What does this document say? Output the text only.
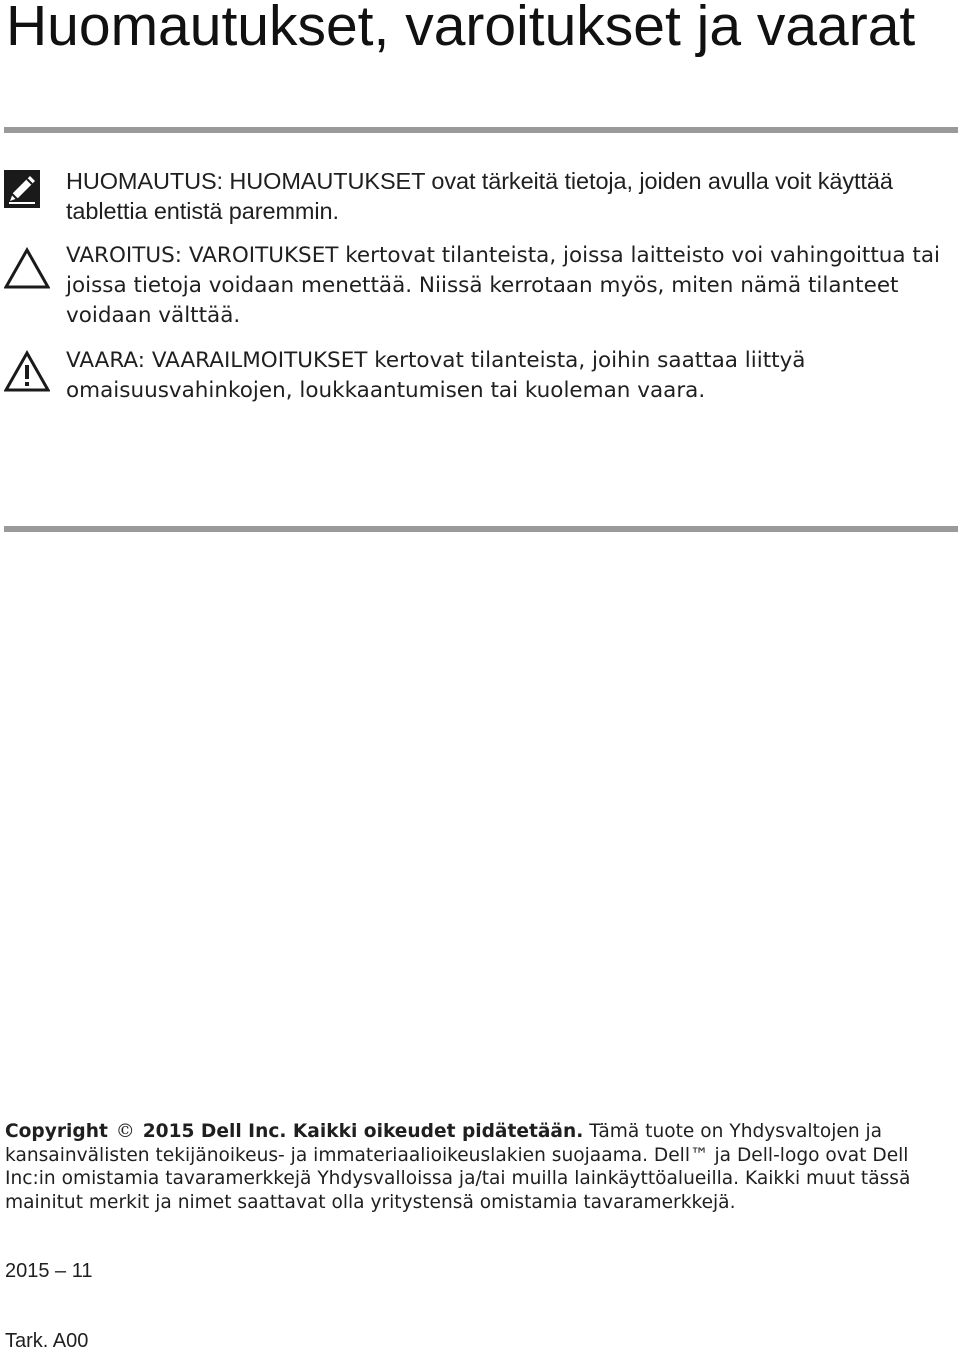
Huomautukset, varoitukset ja vaarat

HUOMAUTUS: HUOMAUTUKSET ovat tärkeitä tietoja, joiden avulla voit käyttää tablettia entistä paremmin.

VAROITUS: VAROITUKSET kertovat tilanteista, joissa laitteisto voi vahingoittua tai joissa tietoja voidaan menettää. Niissä kerrotaan myös, miten nämä tilanteet voidaan välttää.

VAARA: VAARAILMOITUKSET kertovat tilanteista, joihin saattaa liittyä omaisuusvahinkojen, loukkaantumisen tai kuoleman vaara.

Copyright © 2015 Dell Inc. Kaikki oikeudet pidätetään. Tämä tuote on Yhdysvaltojen ja kansainvälisten tekijänoikeus- ja immateriaalioikeuslakien suojaama. Dell™ ja Dell-logo ovat Dell Inc:in omistamia tavaramerkkejä Yhdysvalloissa ja/tai muilla lainkäyttöalueilla. Kaikki muut tässä mainitut merkit ja nimet saattavat olla yritystensä omistamia tavaramerkkejä.

2015 – 11

Tark. A00
